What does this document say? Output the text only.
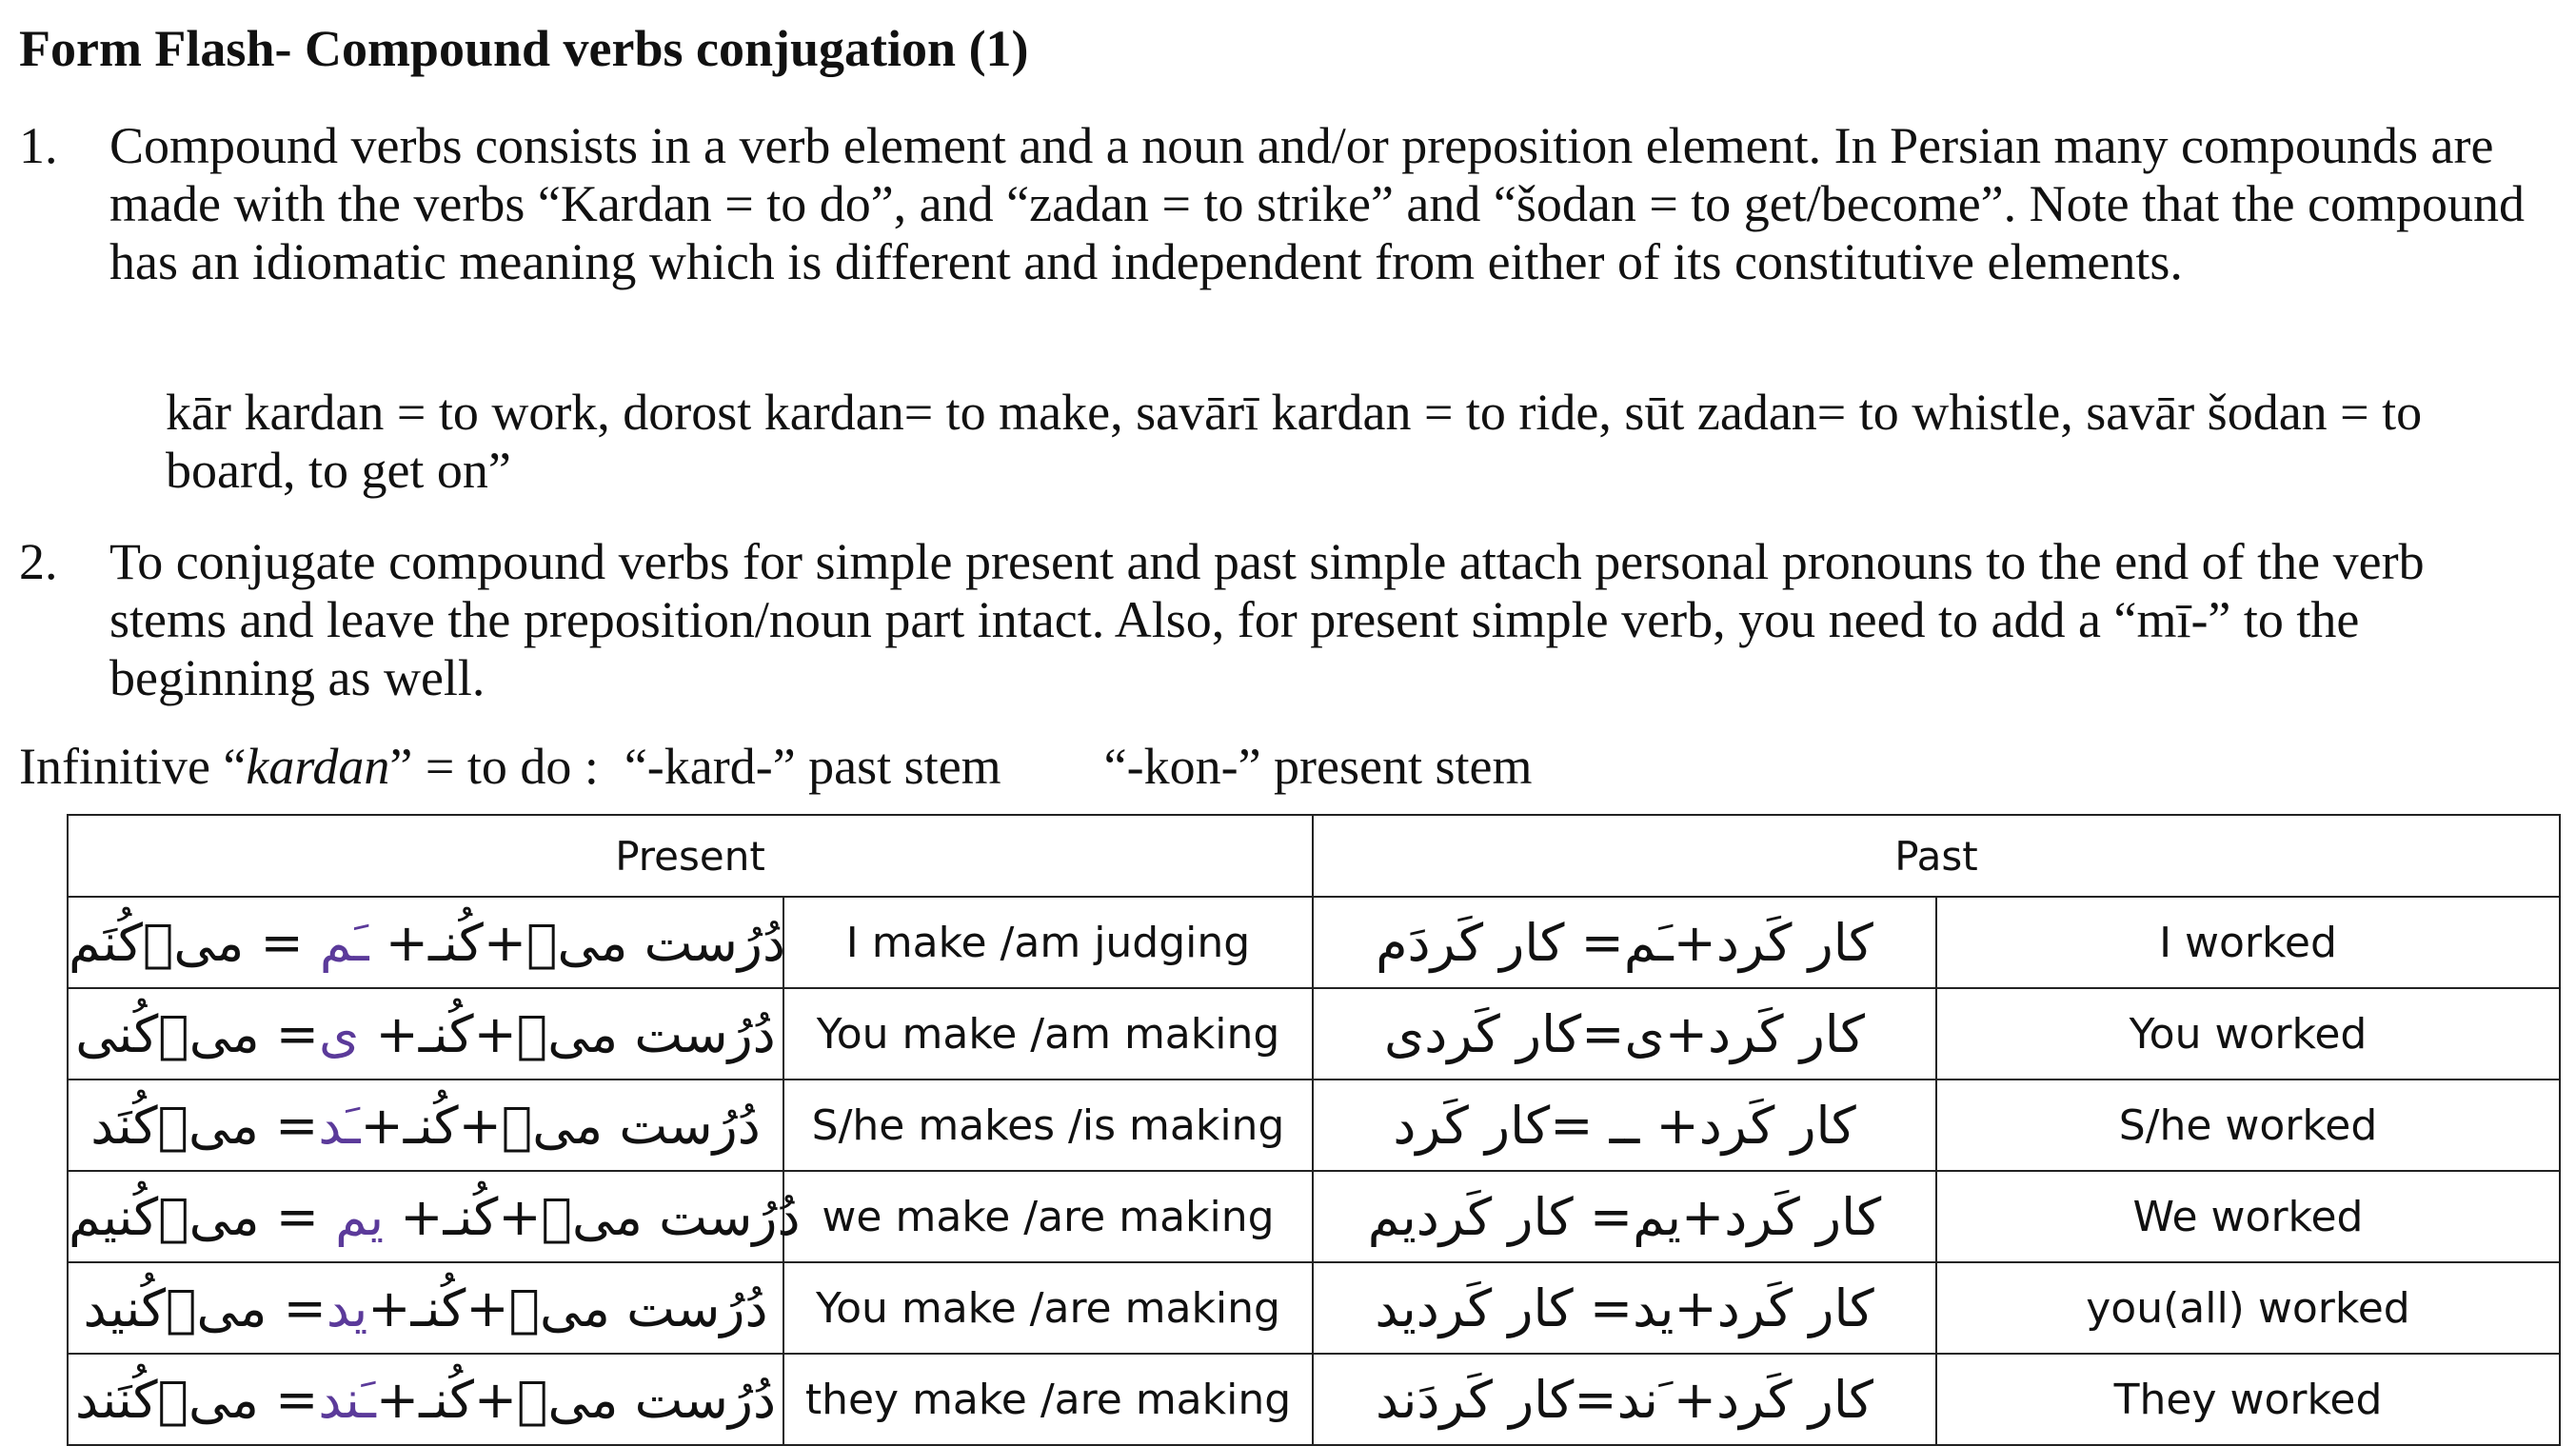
Form Flash- Compound verbs conjugation (1)
1. Compound verbs consists in a verb element and a noun and/or preposition element. In Persian many compounds are made with the verbs “Kardan = to do”, and “zadan = to strike” and “šodan = to get/become”. Note that the compound has an idiomatic meaning which is different and independent from either of its constitutive elements.
kār kardan = to work, dorost kardan= to make, savārī kardan = to ride, sūt zadan= to whistle, savār šodan = to board, to get on”
2. To conjugate compound verbs for simple present and past simple attach personal pronouns to the end of the verb stems and leave the preposition/noun part intact. Also, for present simple verb, you need to add a “mī-” to the beginning as well.
Infinitive “kardan” = to do :  “-kard-” past stem        “-kon-” present stem
Present		Past	
دُرُست میٖ+کُنـ+ ـَم = میٖ‌کُنَم	I make /am judging	کار کَرد+ـَم= کار کَردَم	I worked
دُرُست میٖ+کُنـ+ ی= میٖ‌کُنی	You make /am making	کار کَرد+ی=کار کَردی	You worked
دُرُست میٖ+کُنـ+ـَد= میٖ‌کُنَد	S/he makes /is making	کار کَرد+ ــ =کار کَرد	S/he worked
دُرُست میٖ+کُنـ+ یم = میٖ‌کُنیم	we make /are making	کار کَرد+یم= کار کَردیم	We worked
دُرُست میٖ+کُنـ+ید= میٖ‌کُنید	You make /are making	کار کَرد+ید= کار کَردید	you(all) worked
دُرُست میٖ+کُنـ+ـَند= میٖ‌کُنَند	they make /are making	کار کَرد+ َند=کار کَردَند	They worked
